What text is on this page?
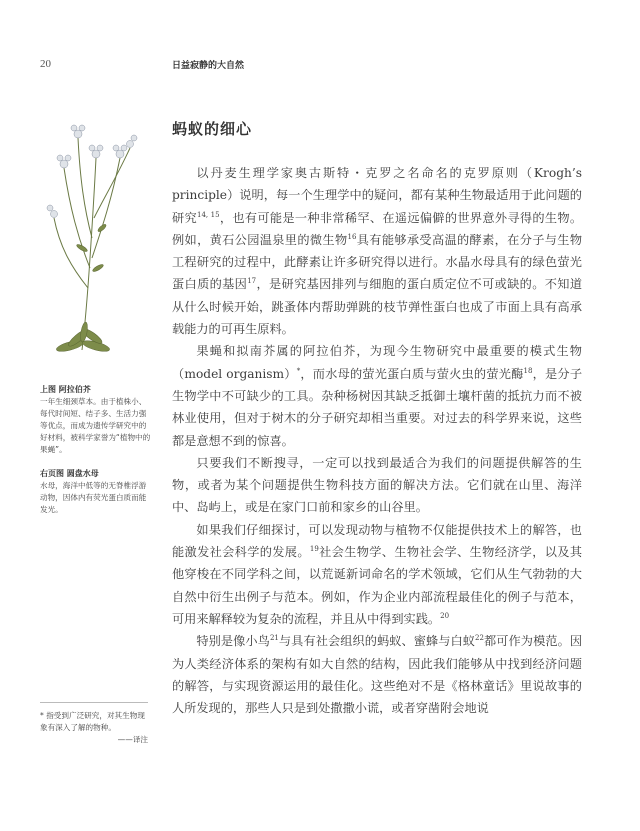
20	日益寂静的大自然
上图 阿拉伯芥
一年生细颈草本。由于植株小、每代时间短、结子多、生活力强等优点，而成为遗传学研究中的好材料，被科学家誉为“植物中的果蝇”。
右页图 圆盘水母
水母，海洋中低等的无脊椎浮游动物，因体内有荧光蛋白质而能发光。
* 指受到广泛研究，对其生物现象有深入了解的物种。
——译注
蚂蚁的细心

以丹麦生理学家奥古斯特・克罗之名命名的克罗原则（Krogh’s principle）说明，每一个生理学中的疑问，都有某种生物最适用于此问题的研究$^{14, 15}$，也有可能是一种非常稀罕、在遥远偏僻的世界意外寻得的生物。例如，黄石公园温泉里的微生物$^{16}$具有能够承受高温的酵素，在分子与生物工程研究的过程中，此酵素让许多研究得以进行。水晶水母具有的绿色萤光蛋白质的基因$^{17}$，是研究基因排列与细胞的蛋白质定位不可或缺的。不知道从什么时候开始，跳蚤体内帮助弹跳的枝节弹性蛋白也成了市面上具有高承载能力的可再生原料。

果蝇和拟南芥属的阿拉伯芥，为现今生物研究中最重要的模式生物（model organism）*，而水母的萤光蛋白质与萤火虫的萤光酶$^{18}$，是分子生物学中不可缺少的工具。杂种杨树因其缺乏抵御土壤杆菌的抵抗力而不被林业使用，但对于树木的分子研究却相当重要。对过去的科学界来说，这些都是意想不到的惊喜。

只要我们不断搜寻，一定可以找到最适合为我们的问题提供解答的生物，或者为某个问题提供生物科技方面的解决方法。它们就在山里、海洋中、岛屿上，或是在家门口前和家乡的山谷里。

如果我们仔细探讨，可以发现动物与植物不仅能提供技术上的解答，也能激发社会科学的发展。$^{19}$社会生物学、生物社会学、生物经济学，以及其他穿梭在不同学科之间，以荒诞新词命名的学术领域，它们从生气勃勃的大自然中衍生出例子与范本。例如，作为企业内部流程最佳化的例子与范本，可用来解释较为复杂的流程，并且从中得到实践。$^{20}$

特别是像小鸟$^{21}$与具有社会组织的蚂蚁、蜜蜂与白蚁$^{22}$都可作为模范。因为人类经济体系的架构有如大自然的结构，因此我们能够从中找到经济问题的解答，与实现资源运用的最佳化。这些绝对不是《格林童话》里说故事的人所发现的，那些人只是到处撒撒小谎，或者穿凿附会地说
